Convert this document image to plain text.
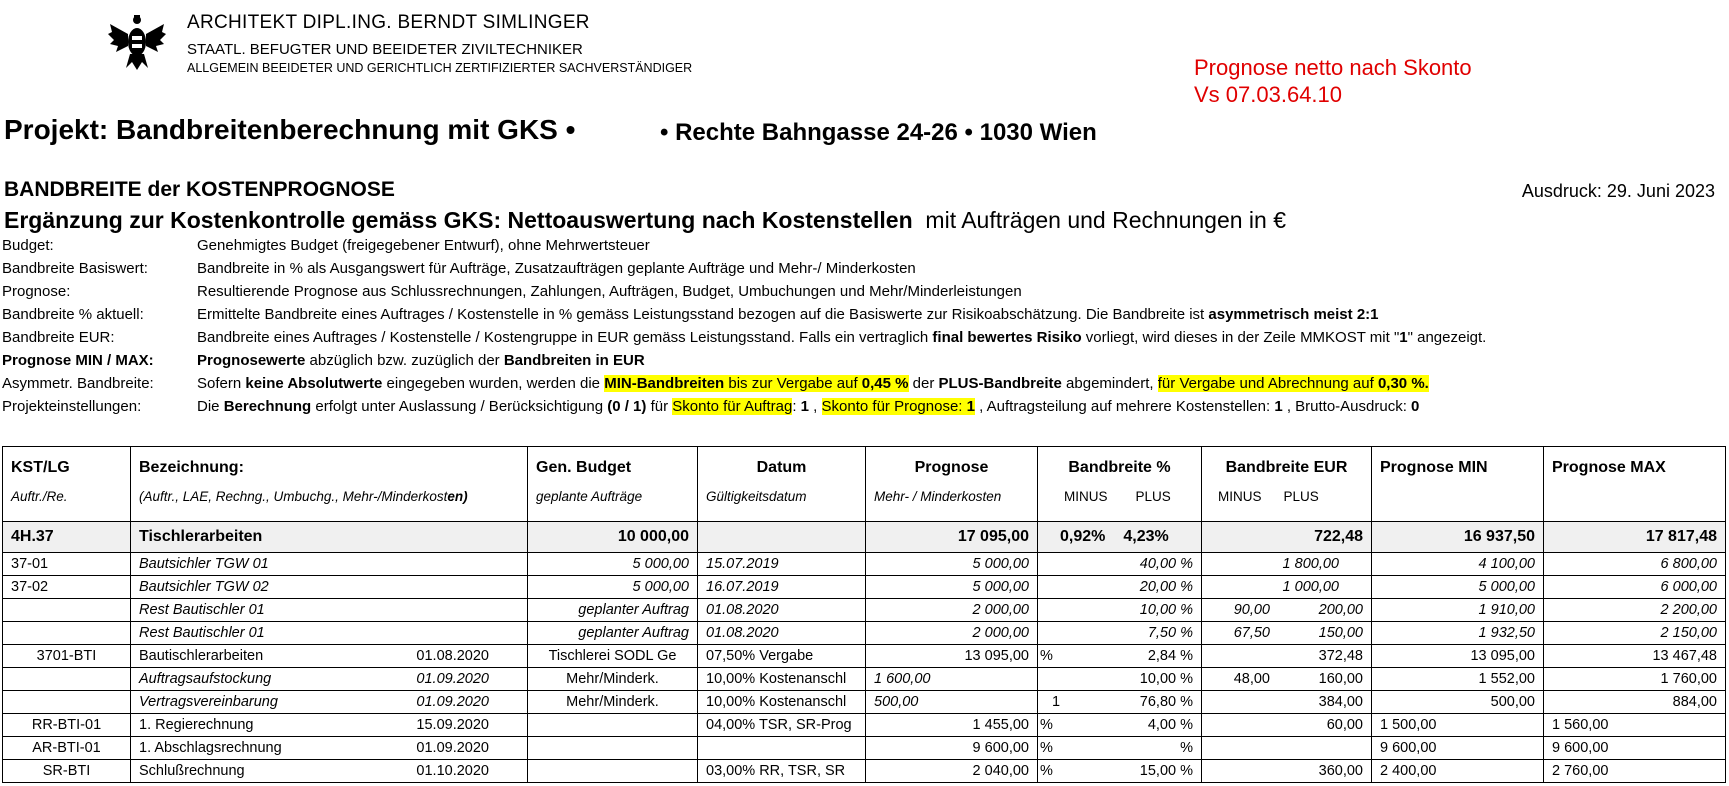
ARCHITEKT DIPL.ING. BERNDT SIMLINGER
STAATL. BEFUGTER UND BEEIDETER ZIVILTECHNIKER
ALLGEMEIN BEEIDETER UND GERICHTLICH ZERTIFIZIERTER SACHVERSTÄNDIGER	Prognose netto nach Skonto
Vs 07.03.64.10
Projekt: Bandbreitenberechnung mit GKS •	• Rechte Bahngasse 24-26 • 1030 Wien
BANDBREITE der KOSTENPROGNOSE	Ausdruck: 29. Juni 2023
Ergänzung zur Kostenkontrolle gemäss GKS: Nettoauswertung nach Kostenstellen mit Aufträgen und Rechnungen in €
Budget:	Genehmigtes Budget (freigegebener Entwurf), ohne Mehrwertsteuer
Bandbreite Basiswert:	Bandbreite in % als Ausgangswert für Aufträge, Zusatzaufträgen geplante Aufträge und Mehr-/ Minderkosten
Prognose:	Resultierende Prognose aus Schlussrechnungen, Zahlungen, Aufträgen, Budget, Umbuchungen und Mehr/Minderleistungen
Bandbreite % aktuell:	Ermittelte Bandbreite eines Auftrages / Kostenstelle in % gemäss Leistungsstand bezogen auf die Basiswerte zur Risikoabschätzung. Die Bandbreite ist asymmetrisch meist 2:1
Bandbreite EUR:	Bandbreite eines Auftrages / Kostenstelle / Kostengruppe in EUR gemäss Leistungsstand. Falls ein vertraglich final bewertes Risiko vorliegt, wird dieses in der Zeile MMKOST mit "1" angezeigt.
Prognose MIN / MAX:	Prognosewerte abzüglich bzw. zuzüglich der Bandbreiten in EUR
Asymmetr. Bandbreite:	Sofern keine Absolutwerte eingegeben wurden, werden die MIN-Bandbreiten bis zur Vergabe auf 0,45 % der PLUS-Bandbreite abgemindert, für Vergabe und Abrechnung auf 0,30 %.
Projekteinstellungen:	Die Berechnung erfolgt unter Auslassung / Berücksichtigung (0 / 1) für Skonto für Auftrag: 1 , Skonto für Prognose: 1 , Auftragsteilung auf mehrere Kostenstellen: 1 , Brutto-Ausdruck: 0
KST/LG	Bezeichnung:	Gen. Budget	Datum	Prognose	Bandbreite %	Bandbreite EUR	Prognose MIN	Prognose MAX
Auftr./Re.	(Auftr., LAE, Rechng., Umbuchg., Mehr-/Minderkosten)	geplante Aufträge	Gültigkeitsdatum	Mehr- / Minderkosten	MINUS PLUS	MINUS PLUS		
4H.37	Tischlerarbeiten	10 000,00		17 095,00	0,92% 4,23%	722,48	16 937,50	17 817,48
37-01	Bautsichler TGW 01	5 000,00	15.07.2019	5 000,00	40,00 %	1 800,00	4 100,00	6 800,00
37-02	Bautsichler TGW 02	5 000,00	16.07.2019	5 000,00	20,00 %	1 000,00	5 000,00	6 000,00

	Rest Bautischler 01	geplanter Auftrag	01.08.2020	2 000,00	10,00 %	90,00 200,00	1 910,00	2 200,00

	Rest Bautischler 01	geplanter Auftrag	01.08.2020	2 000,00	7,50 %	67,50 150,00	1 932,50	2 150,00
3701-BTI	Bautischlerarbeiten 01.08.2020	Tischlerei SODL Ge	07,50% Vergabe	13 095,00	% 2,84 %	372,48	13 095,00	13 467,48

	Auftragsaufstockung 01.09.2020	Mehr/Minderk.	10,00% Kostenanschl	1 600,00	10,00 %	48,00 160,00	1 552,00	1 760,00

	Vertragsvereinbarung 01.09.2020	Mehr/Minderk.	10,00% Kostenanschl	500,00	1 76,80 %	384,00	500,00	884,00
RR-BTI-01	1. Regierechnung 15.09.2020		04,00% TSR, SR-Prog	1 455,00	% 4,00 %	60,00	1 500,00	1 560,00
AR-BTI-01	1. Abschlagsrechnung 01.09.2020			9 600,00	% %		9 600,00	9 600,00
SR-BTI	Schlußrechnung 01.10.2020		03,00% RR, TSR, SR	2 040,00	% 15,00 %	360,00	2 400,00	2 760,00
